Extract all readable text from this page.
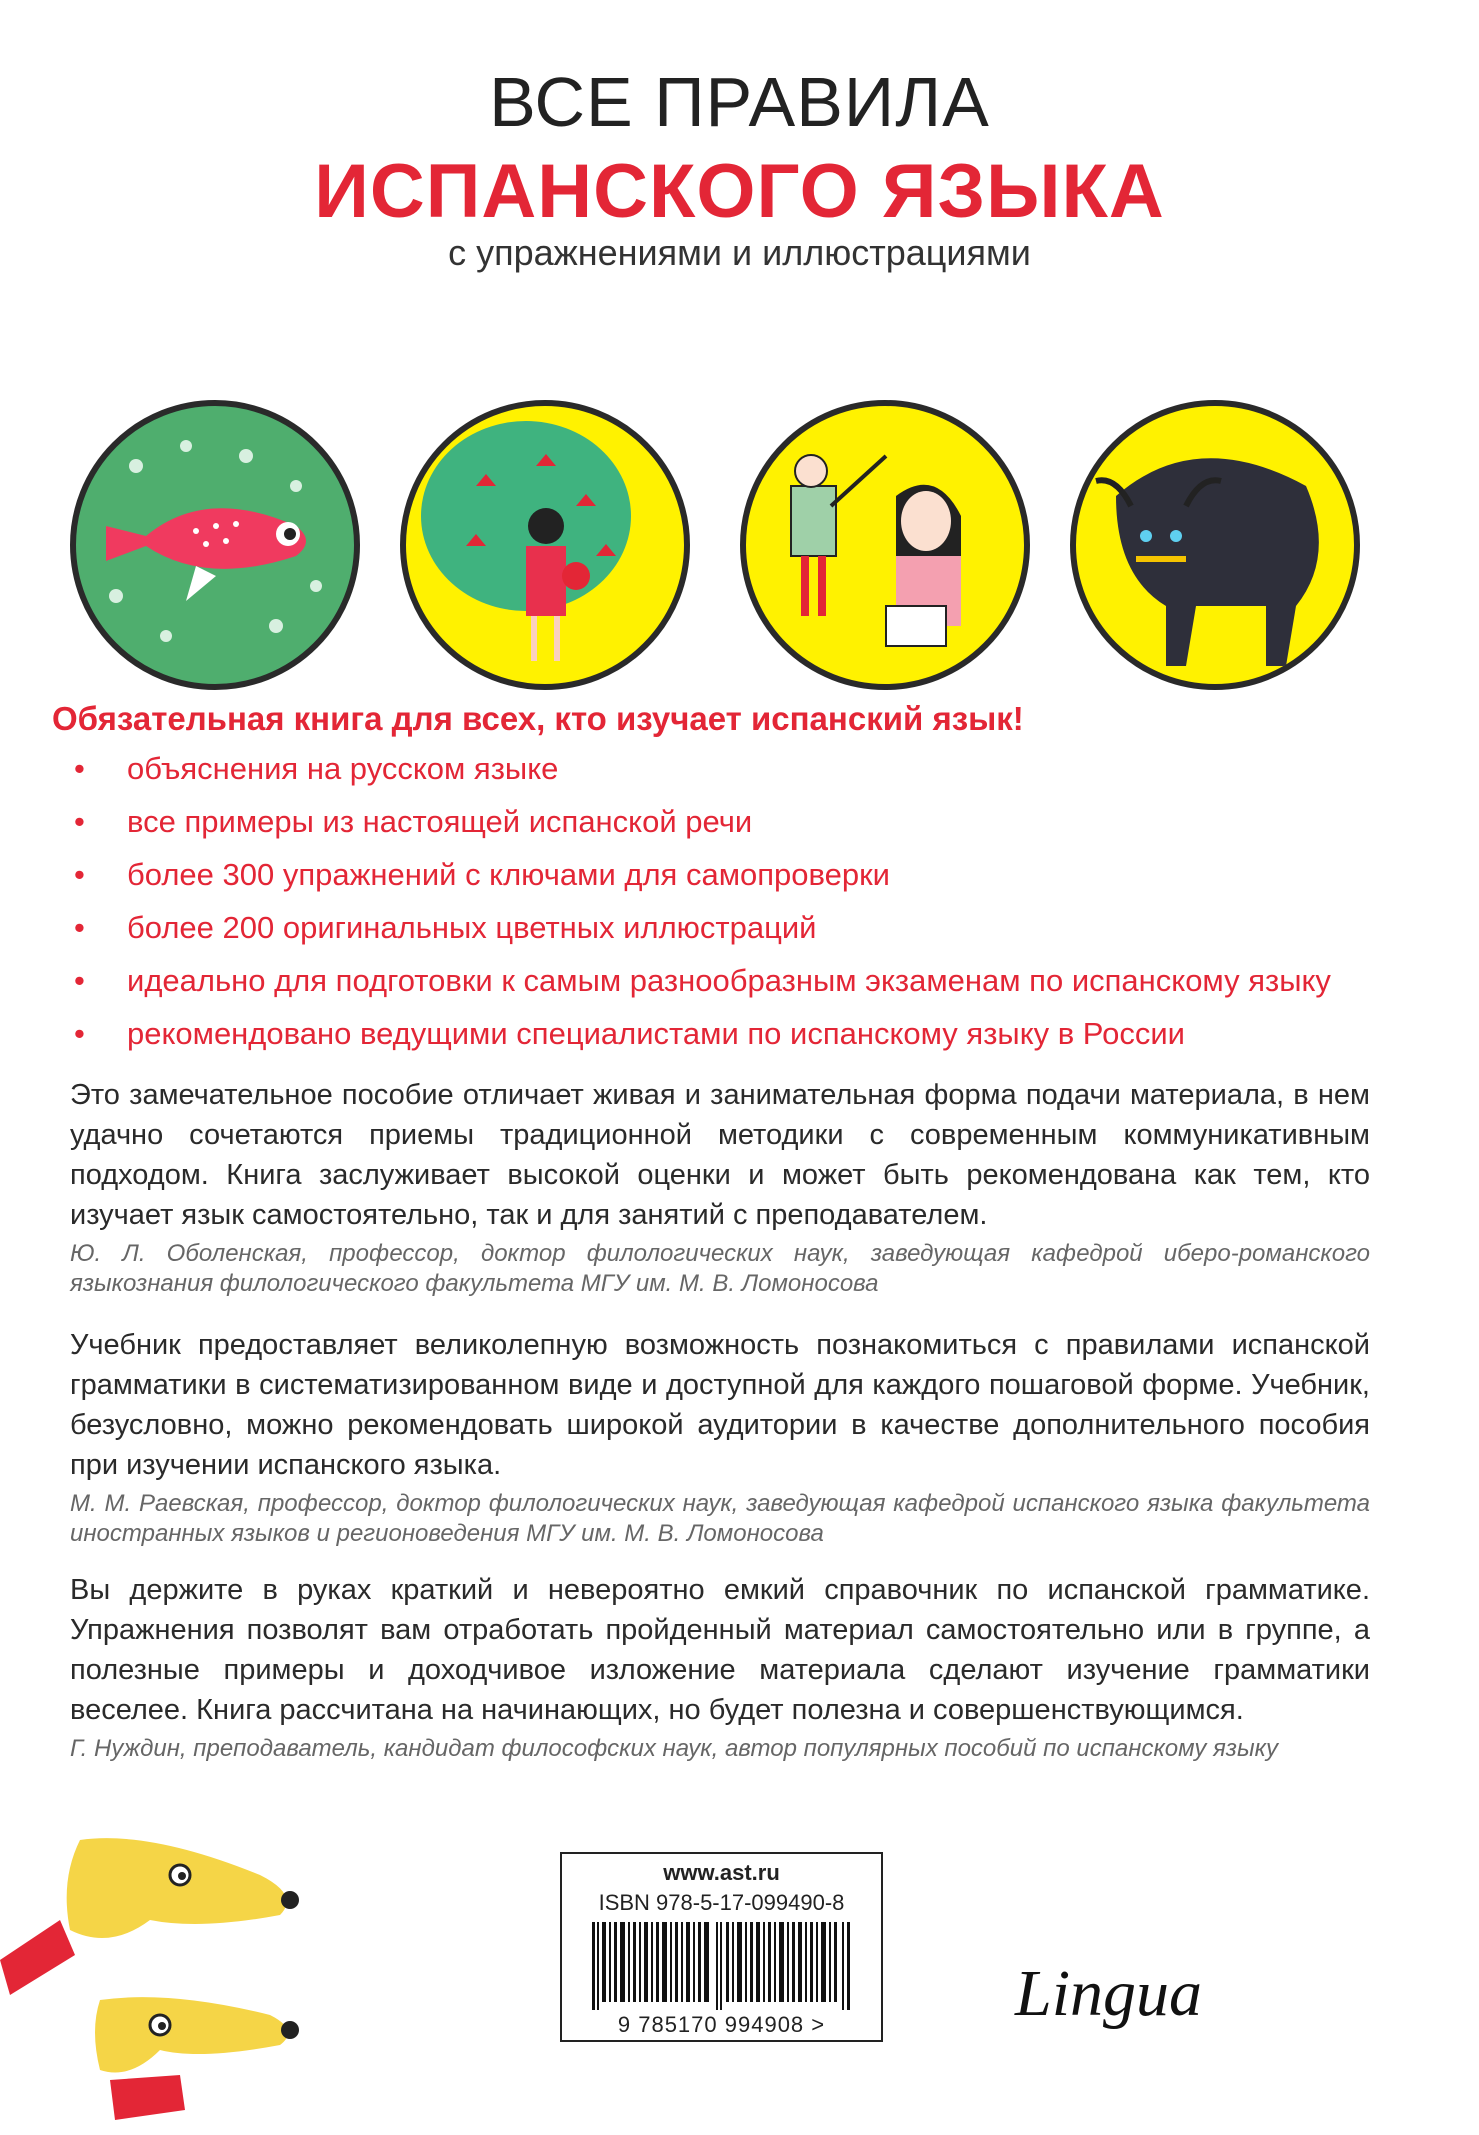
ВСЕ ПРАВИЛА
ИСПАНСКОГО ЯЗЫКА
с упражнениями и иллюстрациями
Обязательная книга для всех, кто изучает испанский язык!
• объяснения на русском языке
• все примеры из настоящей испанской речи
• более 300 упражнений с ключами для самопроверки
• более 200 оригинальных цветных иллюстраций
• идеально для подготовки к самым разнообразным экзаменам по испанскому языку
• рекомендовано ведущими специалистами по испанскому языку в России
Это замечательное пособие отличает живая и занимательная форма подачи материала, в нем удачно сочетаются приемы традиционной методики с современным коммуникативным подходом. Книга заслуживает высокой оценки и может быть рекомендована как тем, кто изучает язык самостоятельно, так и для занятий с преподавателем.
Ю. Л. Оболенская, профессор, доктор филологических наук, заведующая кафедрой иберо-романского языкознания филологического факультета МГУ им. М. В. Ломоносова
Учебник предоставляет великолепную возможность познакомиться с правилами испанской грамматики в систематизированном виде и доступной для каждого пошаговой форме. Учебник, безусловно, можно рекомендовать широкой аудитории в качестве дополнительного пособия при изучении испанского языка.
М. М. Раевская, профессор, доктор филологических наук, заведующая кафедрой испанского языка факультета иностранных языков и регионоведения МГУ им. М. В. Ломоносова
Вы держите в руках краткий и невероятно емкий справочник по испанской грамматике. Упражнения позволят вам отработать пройденный материал самостоятельно или в группе, а полезные примеры и доходчивое изложение материала сделают изучение грамматики веселее. Книга рассчитана на начинающих, но будет полезна и совершенствующимся.
Г. Нуждин, преподаватель, кандидат философских наук, автор популярных пособий по испанскому языку
www.ast.ru
ISBN 978-5-17-099490-8
9 785170 994908 >	Lingua
